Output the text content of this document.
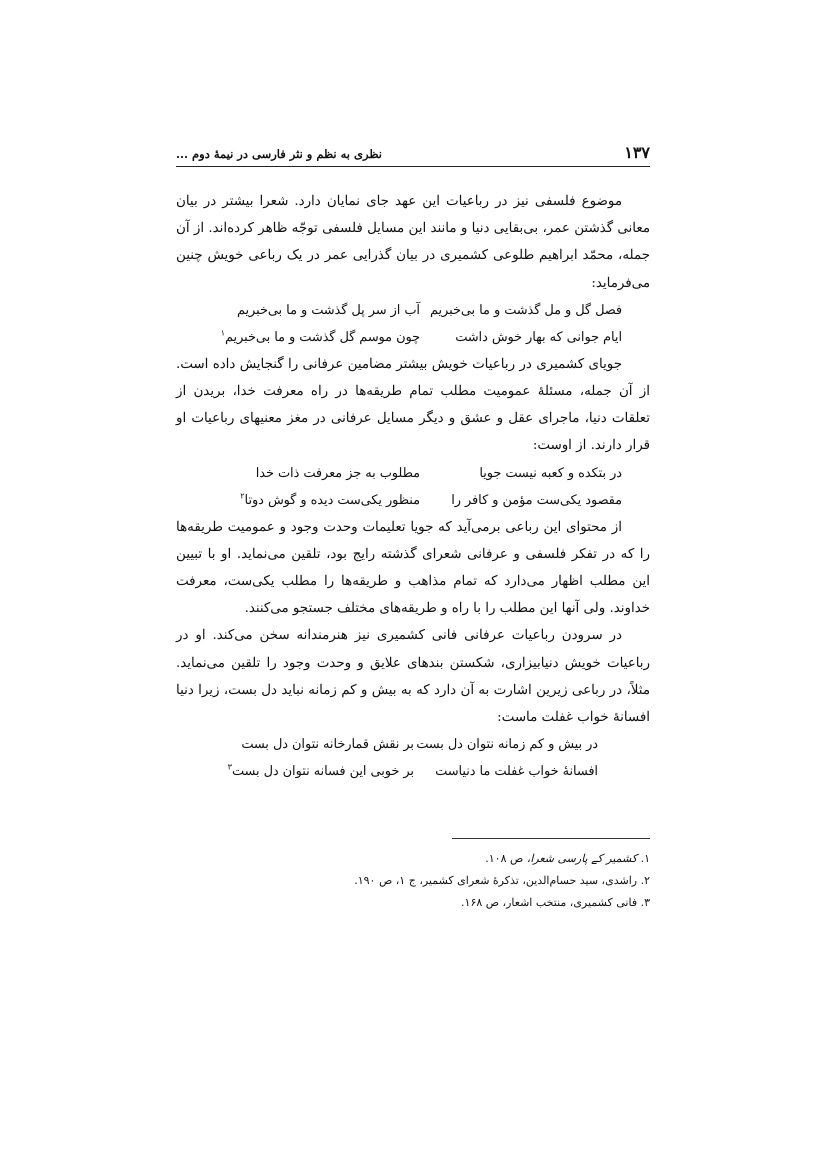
۱۳۷
نظری به نظم و نثر فارسی در نیمهٔ دوم ...

موضوع فلسفی نیز در رباعیات این عهد جای نمایان دارد. شعرا بیشتر در بیان معانی گذشتن عمر، بی‌بقایی دنیا و مانند این مسایل فلسفی توجّه ظاهر کرده‌اند. از آن جمله، محمّد ابراهیم طلوعی کشمیری در بیان گذرایی عمر در یک رباعی خویش چنین می‌فرماید:

فصل گل و مل گذشت و ما بی‌خبریم
آب از سر پل گذشت و ما بی‌خبریم
ایام جوانی که بهار خوش داشت
چون موسم گل گذشت و ما بی‌خبریم$^۱$

جویای کشمیری در رباعیات خویش بیشتر مضامین عرفانی را گنجایش داده است. از آن جمله، مسئلهٔ عمومیت مطلب تمام طریقه‌ها در راه معرفت خدا، بریدن از تعلقات دنیا، ماجرای عقل و عشق و دیگر مسایل عرفانی در مغز معنیهای رباعیات او قرار دارند. از اوست:

در بتکده و کعبه نیست جویا
مطلوب به جز معرفت ذات خدا
مقصود یکی‌ست مؤمن و کافر را
منظور یکی‌ست دیده و گوش دوتا$^۲$

از محتوای این رباعی برمی‌آید که جویا تعلیمات وحدت وجود و عمومیت طریقه‌ها را که در تفکر فلسفی و عرفانی شعرای گذشته رایج بود، تلقین می‌نماید. او با تبیین این مطلب اظهار می‌دارد که تمام مذاهب و طریقه‌ها را مطلب یکی‌ست، معرفت خداوند. ولی آنها این مطلب را با راه و طریقه‌های مختلف جستجو می‌کنند.

در سرودن رباعیات عرفانی فانی کشمیری نیز هنرمندانه سخن می‌کند. او در رباعیات خویش دنیابیزاری، شکستن بندهای علایق و وحدت وجود را تلقین می‌نماید. مثلاً، در رباعی زیرین اشارت به آن دارد که به بیش و کم زمانه نباید دل بست، زیرا دنیا افسانهٔ خواب غفلت ماست:

در بیش و کم زمانه نتوان دل بست
بر نقش قمارخانه نتوان دل بست
افسانهٔ خواب غفلت ما دنیاست
بر خوبی این فسانه نتوان دل بست$^۳$
۱. کشمیر کے پارسی شعرا، ص ۱۰۸.
۲. راشدی، سید حسام‌الدین، تذکرهٔ شعرای کشمیر، ج ۱، ص ۱۹۰.
۳. فانی کشمیری، منتخب اشعار، ص ۱۶۸.
